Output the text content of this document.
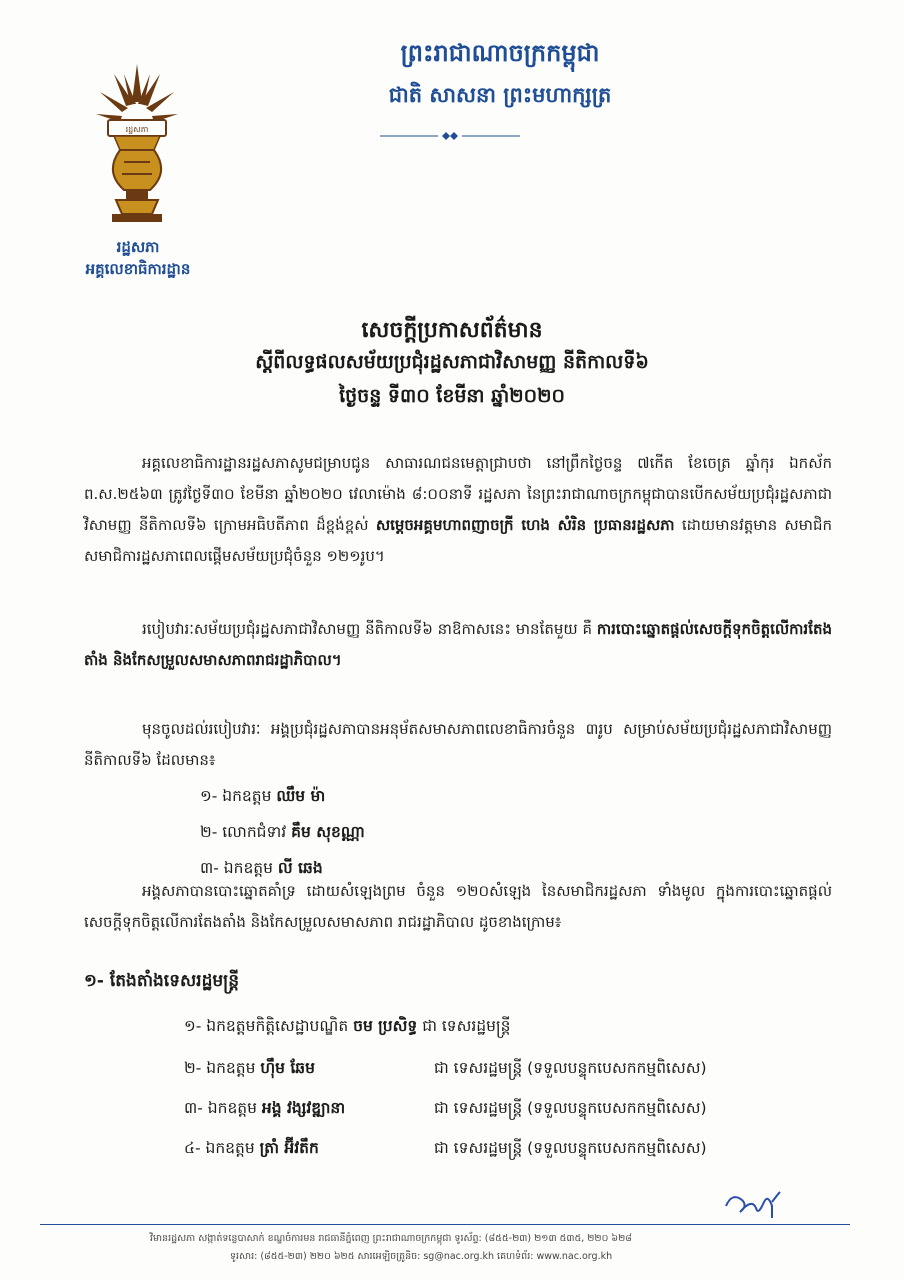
រដ្ឋសភា
រដ្ឋសភា
អគ្គលេខាធិការដ្ឋាន
ព្រះរាជាណាចក្រកម្ពុជា
ជាតិ សាសនា ព្រះមហាក្សត្រ
សេចក្តីប្រកាសព័ត៌មាន
ស្តីពីលទ្ធផលសម័យប្រជុំរដ្ឋសភាជាវិសាមញ្ញ នីតិកាលទី៦
ថ្ងៃចន្ទ ទី៣០ ខែមីនា ឆ្នាំ២០២០
អគ្គលេខាធិការដ្ឋានរដ្ឋសភាសូមជម្រាបជូន សាធារណជនមេត្តាជ្រាបថា នៅព្រឹកថ្ងៃចន្ទ ៧កើត ខែចេត្រ ឆ្នាំកុរ ឯកស័ក ព.ស.២៥៦៣ ត្រូវថ្ងៃទី៣០ ខែមីនា ឆ្នាំ២០២០ វេលាម៉ោង ៨:០០នាទី រដ្ឋសភា នៃព្រះរាជាណាចក្រកម្ពុជាបានបើកសម័យប្រជុំរដ្ឋសភាជាវិសាមញ្ញ នីតិកាលទី៦ ក្រោមអធិបតីភាព ដ៏ខ្ពង់ខ្ពស់ សម្តេចអគ្គមហាពញាចក្រី ហេង សំរិន ប្រធានរដ្ឋសភា ដោយមានវត្តមាន សមាជិក សមាជិការដ្ឋសភាពេលផ្តើមសម័យប្រជុំចំនួន ១២១រូប។
របៀបវារៈសម័យប្រជុំរដ្ឋសភាជាវិសាមញ្ញ នីតិកាលទី៦ នាឱកាសនេះ មានតែមួយ គឺ ការបោះឆ្នោតផ្តល់សេចក្តីទុកចិត្តលើការតែងតាំង និងកែសម្រួលសមាសភាពរាជរដ្ឋាភិបាល។
មុនចូលដល់របៀបវារៈ អង្គប្រជុំរដ្ឋសភាបានអនុម័តសមាសភាពលេខាធិការចំនួន ៣រូប សម្រាប់សម័យប្រជុំរដ្ឋសភាជាវិសាមញ្ញ នីតិកាលទី៦ ដែលមាន៖
១- ឯកឧត្តម ឈឹម ម៉ា
២- លោកជំទាវ គឹម សុខណ្ណា
៣- ឯកឧត្តម លី ឆេង
អង្គសភាបានបោះឆ្នោតគាំទ្រ ដោយសំឡេងព្រម ចំនួន ១២០សំឡេង នៃសមាជិករដ្ឋសភា ទាំងមូល ក្នុងការបោះឆ្នោតផ្តល់សេចក្តីទុកចិត្តលើការតែងតាំង និងកែសម្រួលសមាសភាព រាជរដ្ឋាភិបាល ដូចខាងក្រោម៖
១- តែងតាំងទេសរដ្ឋមន្ត្រី
១- ឯកឧត្តមកិត្តិសេដ្ឋាបណ្ឌិត ចម ប្រសិទ្ធ ជា ទេសរដ្ឋមន្ត្រី
២- ឯកឧត្តម ហ៊ឹម ឆែម	ជា ទេសរដ្ឋមន្ត្រី (ទទួលបន្ទុកបេសកកម្មពិសេស)
៣- ឯកឧត្តម អង្គ វង្សវឌ្ឍានា	ជា ទេសរដ្ឋមន្ត្រី (ទទួលបន្ទុកបេសកកម្មពិសេស)
៤- ឯកឧត្តម ត្រាំ អ៊ីវតឹក	ជា ទេសរដ្ឋមន្ត្រី (ទទួលបន្ទុកបេសកកម្មពិសេស)
វិមានរដ្ឋសភា សង្កាត់ទន្លេបាសាក់ ខណ្ឌចំការមន រាជធានីភ្នំពេញ ព្រះរាជាណាចក្រកម្ពុជា ទូរស័ព្ទ: (៨៥៥-២៣) ២១៣ ៥៣៥, ២២០ ៦២៨
ទូរសារ: (៨៥៥-២៣) ២២០ ៦២៥ សារអេឡិចត្រូនិច: sg@nac.org.kh គេហទំព័រ: www.nac.org.kh
